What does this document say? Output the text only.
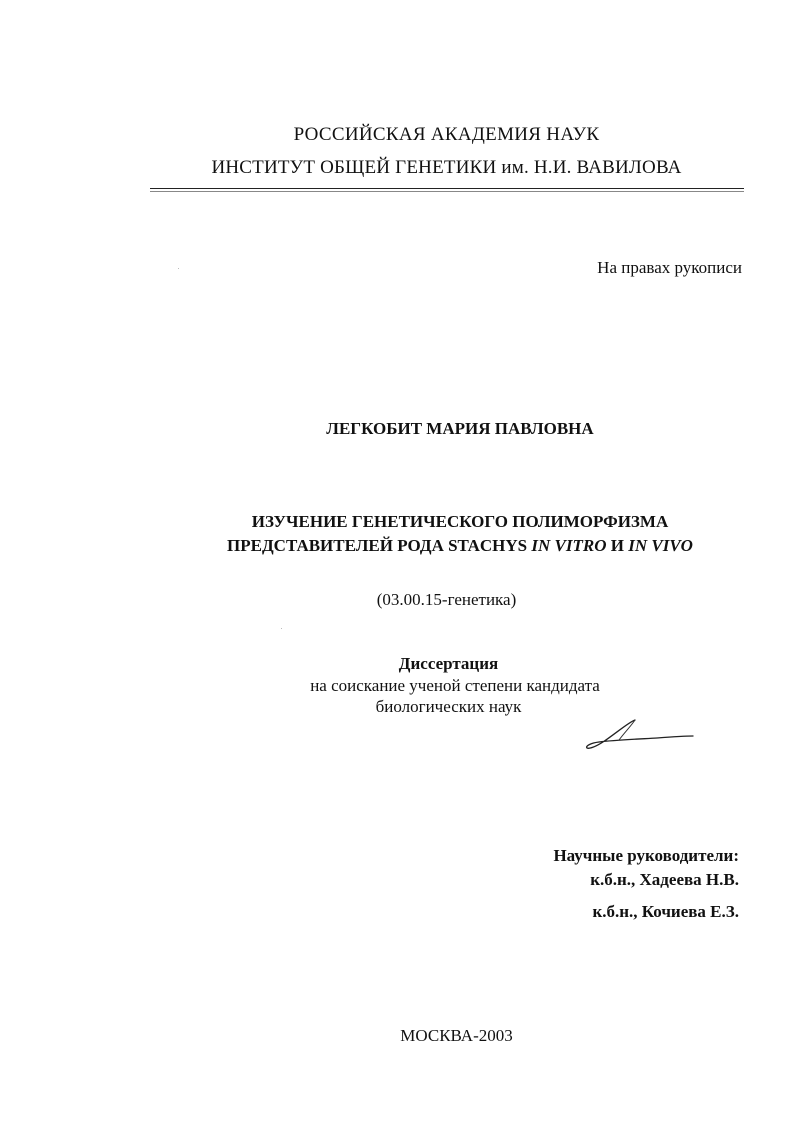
РОССИЙСКАЯ АКАДЕМИЯ НАУК
ИНСТИТУТ ОБЩЕЙ ГЕНЕТИКИ им. Н.И. ВАВИЛОВА
На правах рукописи
ЛЕГКОБИТ МАРИЯ ПАВЛОВНА
ИЗУЧЕНИЕ ГЕНЕТИЧЕСКОГО ПОЛИМОРФИЗМА
ПРЕДСТАВИТЕЛЕЙ РОДА STACHYS IN VITRO И IN VIVO
(03.00.15-генетика)
Диссертация
на соискание ученой степени кандидата
биологических наук
Научные руководители:
к.б.н., Хадеева Н.В.
к.б.н., Кочиева Е.З.
МОСКВА-2003
